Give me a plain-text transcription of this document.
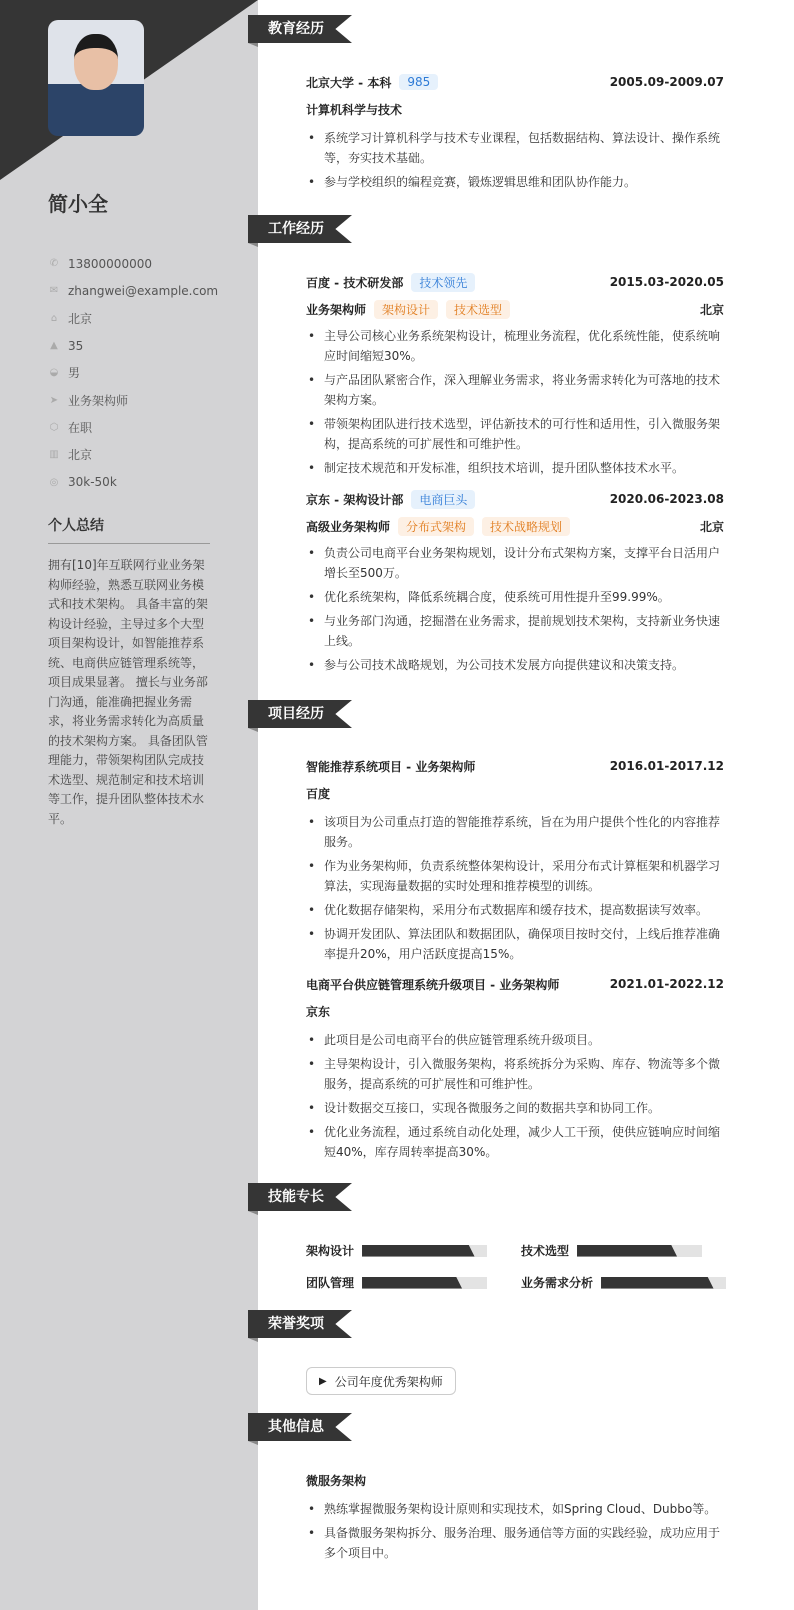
简小全
✆ 13800000000
✉ zhangwei@example.com
⌂ 北京
▲ 35
◒ 男
➤ 业务架构师
⬡ 在职
▥ 北京
◎ 30k-50k
个人总结
拥有[10]年互联网行业业务架构师经验，熟悉互联网业务模式和技术架构。 具备丰富的架构设计经验，主导过多个大型项目架构设计，如智能推荐系统、电商供应链管理系统等，项目成果显著。 擅长与业务部门沟通，能准确把握业务需求，将业务需求转化为高质量的技术架构方案。 具备团队管理能力，带领架构团队完成技术选型、规范制定和技术培训等工作，提升团队整体技术水平。
教育经历
北京大学 - 本科	985	2005.09-2009.07
计算机科学与技术
• 系统学习计算机科学与技术专业课程，包括数据结构、算法设计、操作系统等，夯实技术基础。
• 参与学校组织的编程竞赛，锻炼逻辑思维和团队协作能力。
工作经历
百度 - 技术研发部	技术领先	2015.03-2020.05
业务架构师	架构设计	技术选型	北京
• 主导公司核心业务系统架构设计，梳理业务流程，优化系统性能，使系统响应时间缩短30%。
• 与产品团队紧密合作，深入理解业务需求，将业务需求转化为可落地的技术架构方案。
• 带领架构团队进行技术选型，评估新技术的可行性和适用性，引入微服务架构，提高系统的可扩展性和可维护性。
• 制定技术规范和开发标准，组织技术培训，提升团队整体技术水平。
京东 - 架构设计部	电商巨头	2020.06-2023.08
高级业务架构师	分布式架构	技术战略规划	北京
• 负责公司电商平台业务架构规划，设计分布式架构方案，支撑平台日活用户增长至500万。
• 优化系统架构，降低系统耦合度，使系统可用性提升至99.99%。
• 与业务部门沟通，挖掘潜在业务需求，提前规划技术架构，支持新业务快速上线。
• 参与公司技术战略规划，为公司技术发展方向提供建议和决策支持。
项目经历
智能推荐系统项目 - 业务架构师	2016.01-2017.12
百度
• 该项目为公司重点打造的智能推荐系统，旨在为用户提供个性化的内容推荐服务。
• 作为业务架构师，负责系统整体架构设计，采用分布式计算框架和机器学习算法，实现海量数据的实时处理和推荐模型的训练。
• 优化数据存储架构，采用分布式数据库和缓存技术，提高数据读写效率。
• 协调开发团队、算法团队和数据团队，确保项目按时交付，上线后推荐准确率提升20%，用户活跃度提高15%。
电商平台供应链管理系统升级项目 - 业务架构师	2021.01-2022.12
京东
• 此项目是公司电商平台的供应链管理系统升级项目。
• 主导架构设计，引入微服务架构，将系统拆分为采购、库存、物流等多个微服务，提高系统的可扩展性和可维护性。
• 设计数据交互接口，实现各微服务之间的数据共享和协同工作。
• 优化业务流程，通过系统自动化处理，减少人工干预，使供应链响应时间缩短40%，库存周转率提高30%。
技能专长
架构设计	技术选型
团队管理	业务需求分析
荣誉奖项
▶ 公司年度优秀架构师
其他信息
微服务架构
• 熟练掌握微服务架构设计原则和实现技术，如Spring Cloud、Dubbo等。
• 具备微服务架构拆分、服务治理、服务通信等方面的实践经验，成功应用于多个项目中。
